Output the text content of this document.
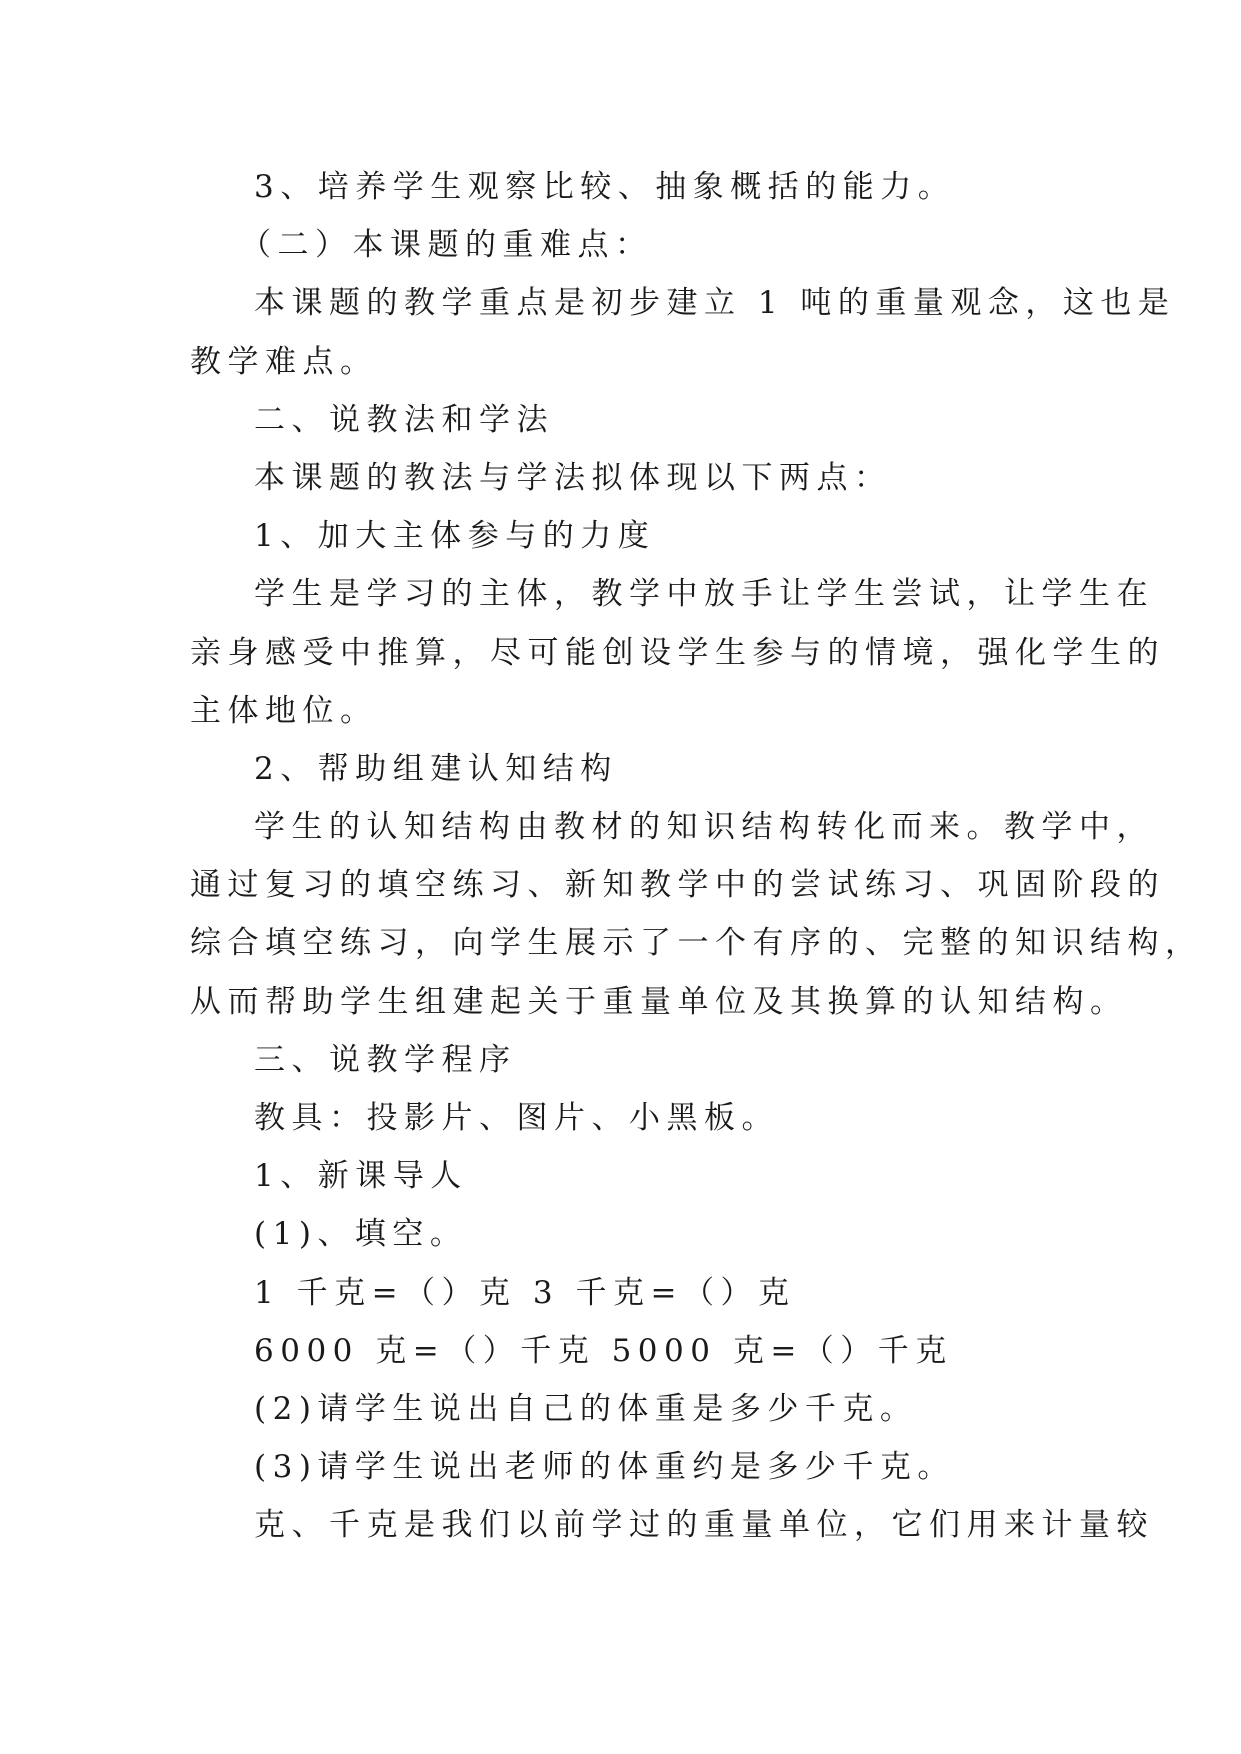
3、培养学生观察比较、抽象概括的能力。
（二）本课题的重难点：
本课题的教学重点是初步建立 1 吨的重量观念，这也是
教学难点。
二、说教法和学法
本课题的教法与学法拟体现以下两点：
1、加大主体参与的力度
学生是学习的主体，教学中放手让学生尝试，让学生在
亲身感受中推算，尽可能创设学生参与的情境，强化学生的
主体地位。
2、帮助组建认知结构
学生的认知结构由教材的知识结构转化而来。教学中，
通过复习的填空练习、新知教学中的尝试练习、巩固阶段的
综合填空练习，向学生展示了一个有序的、完整的知识结构，
从而帮助学生组建起关于重量单位及其换算的认知结构。
三、说教学程序
教具：投影片、图片、小黑板。
1、新课导人
(1)、填空。
1 千克=（）克 3 千克=（）克
6000 克=（）千克 5000 克=（）千克
(2)请学生说出自己的体重是多少千克。
(3)请学生说出老师的体重约是多少千克。
克、千克是我们以前学过的重量单位，它们用来计量较
